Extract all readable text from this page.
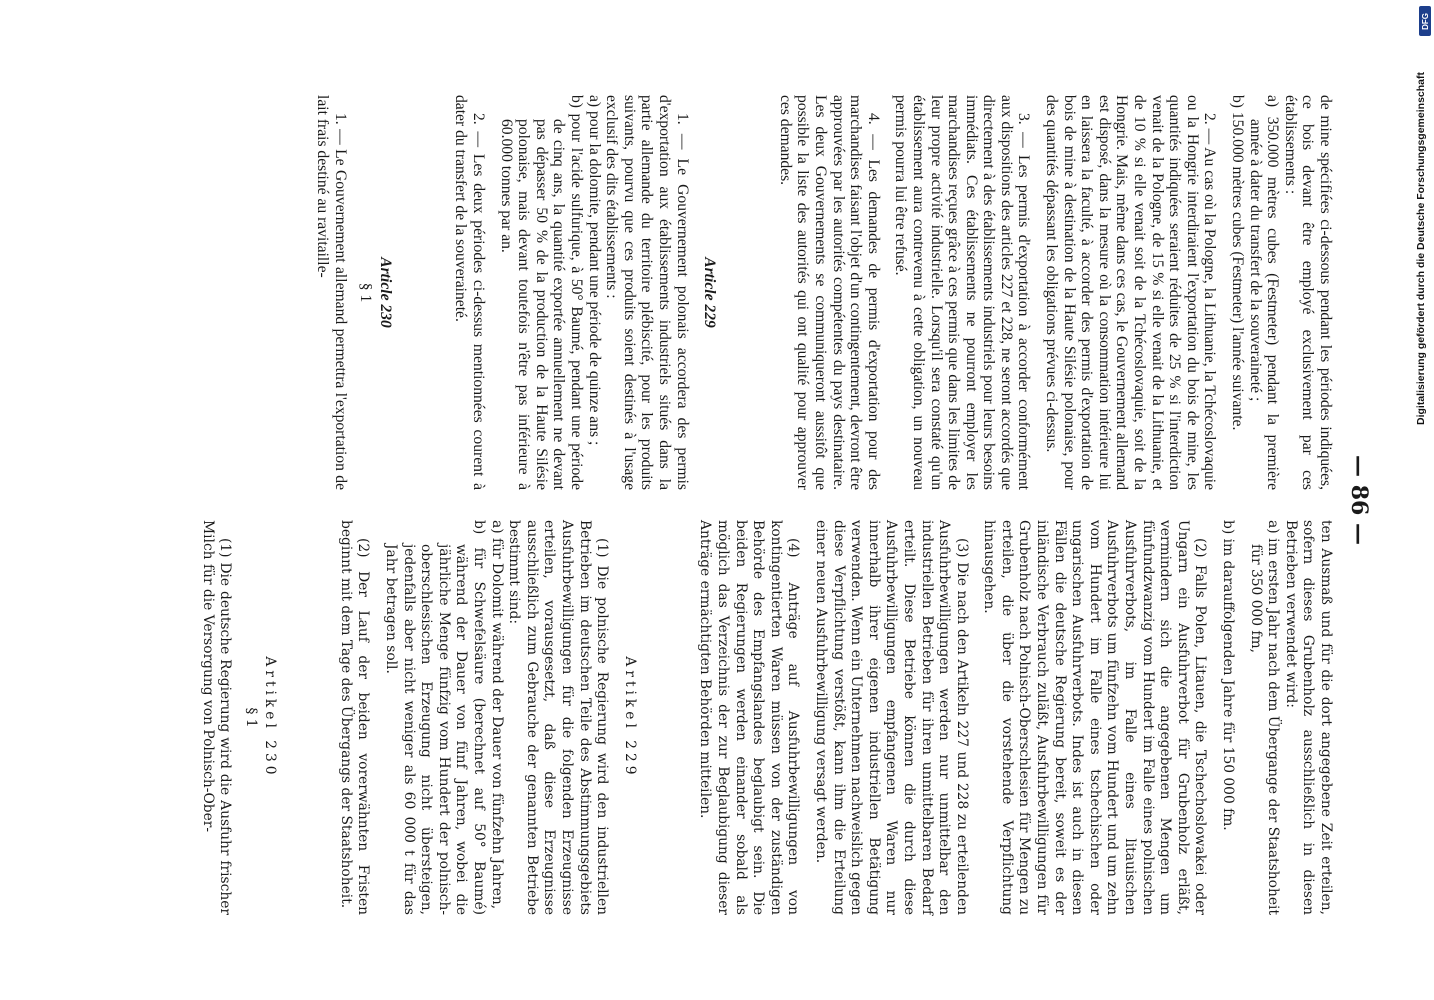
— 86 —

de mine spécifiées ci-dessous pendant les périodes indiquées, ce bois devant être employé exclusivement par ces établissements :

a) 350.000 mètres cubes (Festmeter) pendant la première année à dater du transfert de la souveraineté ;

b) 150.000 mètres cubes (Festmeter) l'année suivante.

2. — Au cas où la Pologne, la Lithuanie, la Tchécoslovaquie ou la Hongrie interdiraient l'exportation du bois de mine, les quantités indiquées seraient réduites de 25 % si l'interdiction venait de la Pologne, de 15 % si elle venait de la Lithuanie, et de 10 % si elle venait soit de la Tchécoslovaquie, soit de la Hongrie. Mais, même dans ces cas, le Gouvernement allemand est disposé, dans la mesure où la consommation intérieure lui en laissera la faculté, à accorder des permis d'exportation de bois de mine à destination de la Haute Silésie polonaise, pour des quantités dépassant les obligations prévues ci-dessus.

3. — Les permis d'exportation à accorder conformément aux dispositions des articles 227 et 228, ne seront accordés que directement à des établissements industriels pour leurs besoins immédiats. Ces établissements ne pourront employer les marchandises reçues grâce à ces permis que dans les limites de leur propre activité industrielle. Lorsqu'il sera constaté qu'un établissement aura contrevenu à cette obligation, un nouveau permis pourra lui être refusé.

4. — Les demandes de permis d'exportation pour des marchandises faisant l'objet d'un contingentement, devront être approuvées par les autorités compétentes du pays destinataire. Les deux Gouvernements se communiqueront aussitôt que possible la liste des autorités qui ont qualité pour approuver ces demandes.

Article 229

1. — Le Gouvernement polonais accordera des permis d'exportation aux établissements industriels situés dans la partie allemande du territoire plébiscité, pour les produits suivants, pourvu que ces produits soient destinés à l'usage exclusif des dits établissements :

a) pour la dolomite, pendant une période de quinze ans ;

b) pour l'acide sulfurique, à 50° Baumé, pendant une période de cinq ans, la quantité exportée annuellement ne devant pas dépasser 50 % de la production de la Haute Silésie polonaise, mais devant toutefois n'être pas inférieure à 60.000 tonnes par an.

2. — Les deux périodes ci-dessus mentionnées courent à dater du transfert de la souveraineté.

Article 230
§ 1

1. — Le Gouvernement allemand permettra l'exportation de lait frais destiné au ravitaille-

ten Ausmaß und für die dort angegebene Zeit erteilen, sofern dieses Grubenholz ausschließlich in diesen Betrieben verwendet wird:

a) im ersten Jahr nach dem Übergange der Staatshoheit für 350 000 fm,

b) im darauffolgenden Jahre für 150 000 fm.

(2) Falls Polen, Litauen, die Tschechoslowakei oder Ungarn ein Ausfuhrverbot für Grubenholz erläßt, vermindern sich die angegebenen Mengen um fünfundzwanzig vom Hundert im Falle eines polnischen Ausfuhrverbots, im Falle eines litauischen Ausfuhrverbots um fünfzehn vom Hundert und um zehn vom Hundert im Falle eines tschechischen oder ungarischen Ausfuhrverbots. Indes ist auch in diesen Fällen die deutsche Regierung bereit, soweit es der inländische Verbrauch zuläßt, Ausfuhrbewilligungen für Grubenholz nach Polnisch-Oberschlesien für Mengen zu erteilen, die über die vorstehende Verpflichtung hinausgehen.

(3) Die nach den Artikeln 227 und 228 zu erteilenden Ausfuhrbewilligungen werden nur unmittelbar den industriellen Betrieben für ihren unmittelbaren Bedarf erteilt. Diese Betriebe können die durch diese Ausfuhrbewilligungen empfangenen Waren nur innerhalb ihrer eigenen industriellen Betätigung verwenden. Wenn ein Unternehmen nachweislich gegen diese Verpflichtung verstößt, kann ihm die Erteilung einer neuen Ausfuhrbewilligung versagt werden.

(4) Anträge auf Ausfuhrbewilligungen von kontingentierten Waren müssen von der zuständigen Behörde des Empfangslandes beglaubigt sein. Die beiden Regierungen werden einander sobald als möglich das Verzeichnis der zur Beglaubigung dieser Anträge ermächtigten Behörden mitteilen.

Artikel 229

(1) Die polnische Regierung wird den industriellen Betrieben im deutschen Teile des Abstimmungsgebiets Ausfuhrbewilligungen für die folgenden Erzeugnisse erteilen, vorausgesetzt, daß diese Erzeugnisse ausschließlich zum Gebrauche der genannten Betriebe bestimmt sind:

a) für Dolomit während der Dauer von fünfzehn Jahren,

b) für Schwefelsäure (berechnet auf 50° Baumé) während der Dauer von fünf Jahren, wobei die jährliche Menge fünfzig vom Hundert der polnisch-oberschlesischen Erzeugung nicht übersteigen, jedenfalls aber nicht weniger als 60 000 t für das Jahr betragen soll.

(2) Der Lauf der beiden vorerwähnten Fristen beginnt mit dem Tage des Übergangs der Staatshoheit.

Artikel 230
§ 1

(1) Die deutsche Regierung wird die Ausfuhr frischer Milch für die Versorgung von Polnisch-Ober-

DFG
Digitalisierung gefördert durch die Deutsche Forschungsgemeinschaft
